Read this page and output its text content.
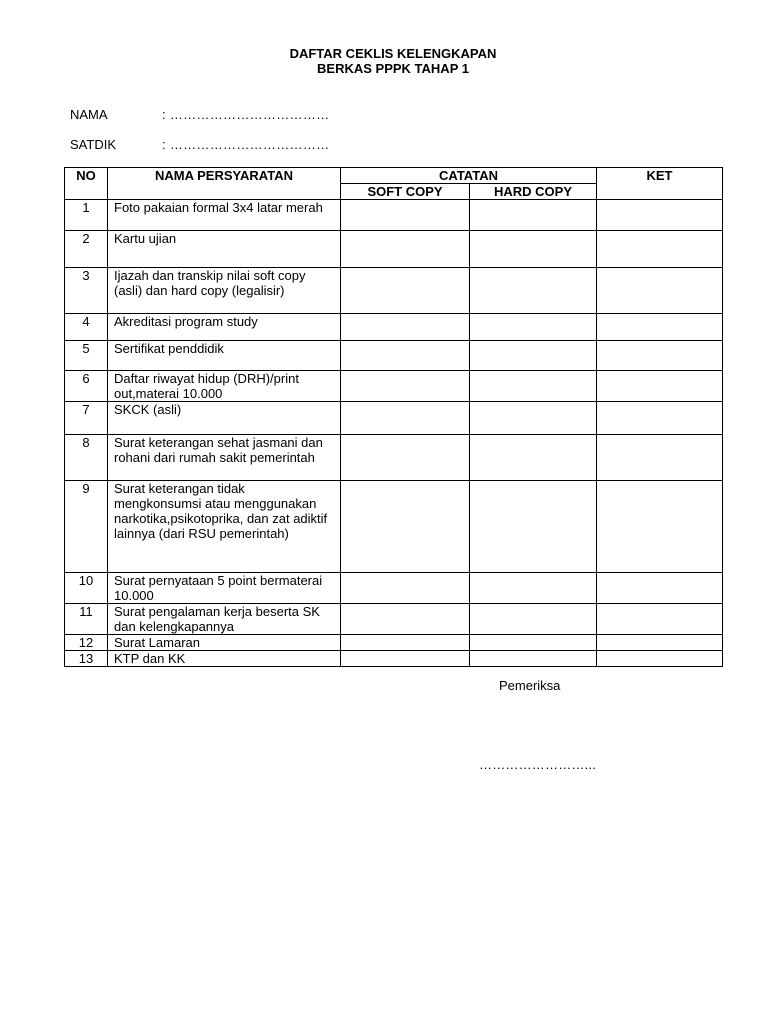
DAFTAR CEKLIS KELENGKAPAN
BERKAS PPPK TAHAP 1
NAMA	: ………………………………
SATDIK	: ………………………………
NO	NAMA PERSYARATAN	CATATAN		KET
		SOFT COPY	HARD COPY	
1	Foto pakaian formal 3x4 latar merah			
2	Kartu ujian			
3	Ijazah dan transkip nilai soft copy (asli) dan hard copy (legalisir)			
4	Akreditasi program study			
5	Sertifikat penddidik			
6	Daftar riwayat hidup (DRH)/print out,materai 10.000			
7	SKCK (asli)			
8	Surat keterangan sehat jasmani dan rohani dari rumah sakit pemerintah			
9	Surat keterangan tidak mengkonsumsi atau menggunakan narkotika,psikotoprika, dan zat adiktif lainnya (dari RSU pemerintah)			
10	Surat pernyataan 5 point bermaterai 10.000			
11	Surat pengalaman kerja beserta SK dan kelengkapannya			
12	Surat Lamaran			
13	KTP dan KK			
Pemeriksa
……………………...
